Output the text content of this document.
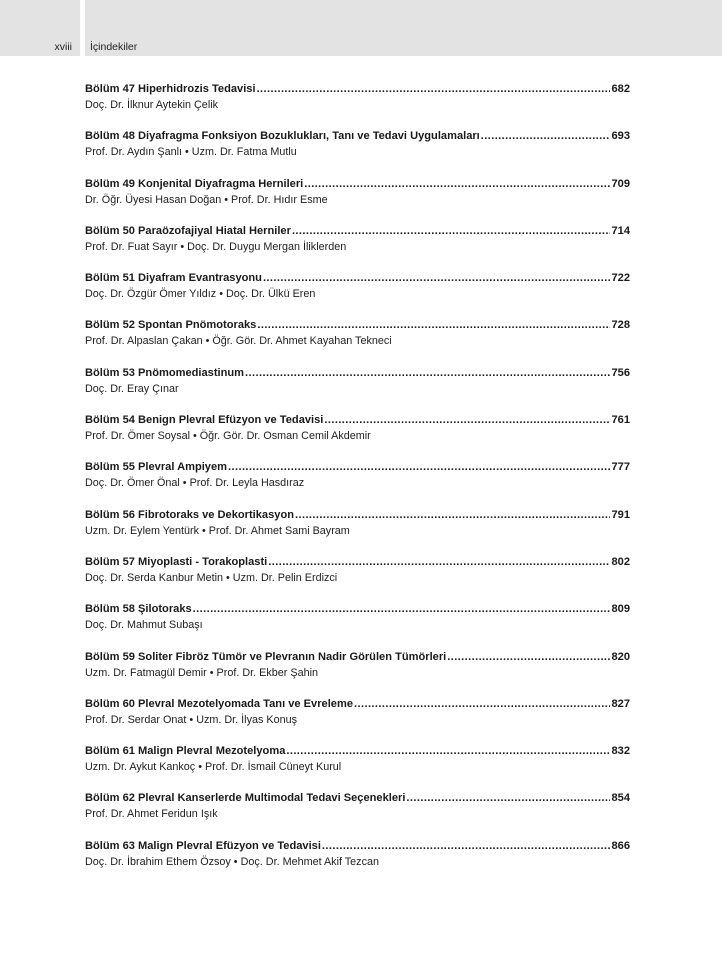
xviii İçindekiler
Bölüm 47 Hiperhidrozis Tedavisi .....	682
Doç. Dr. İlknur Aytekin Çelik
Bölüm 48 Diyafragma Fonksiyon Bozuklukları, Tanı ve Tedavi Uygulamaları .....	693
Prof. Dr. Aydın Şanlı • Uzm. Dr. Fatma Mutlu
Bölüm 49 Konjenital Diyafragma Hernileri .....	709
Dr. Öğr. Üyesi Hasan Doğan • Prof. Dr. Hıdır Esme
Bölüm 50 Paraözofajiyal Hiatal Herniler .....	714
Prof. Dr. Fuat Sayır • Doç. Dr. Duygu Mergan İliklerden
Bölüm 51 Diyafram Evantrasyonu .....	722
Doç. Dr. Özgür Ömer Yıldız • Doç. Dr. Ülkü Eren
Bölüm 52 Spontan Pnömotoraks .....	728
Prof. Dr. Alpaslan Çakan • Öğr. Gör. Dr. Ahmet Kayahan Tekneci
Bölüm 53 Pnömomediastinum .....	756
Doç. Dr. Eray Çınar
Bölüm 54 Benign Plevral Efüzyon ve Tedavisi .....	761
Prof. Dr. Ömer Soysal • Öğr. Gör. Dr. Osman Cemil Akdemir
Bölüm 55 Plevral Ampiyem .....	777
Doç. Dr. Ömer Önal • Prof. Dr. Leyla Hasdıraz
Bölüm 56 Fibrotoraks ve Dekortikasyon .....	791
Uzm. Dr. Eylem Yentürk • Prof. Dr. Ahmet Sami Bayram
Bölüm 57 Miyoplasti - Torakoplasti .....	802
Doç. Dr. Serda Kanbur Metin • Uzm. Dr. Pelin Erdizci
Bölüm 58 Şilotoraks .....	809
Doç. Dr. Mahmut Subaşı
Bölüm 59 Soliter Fibröz Tümör ve Plevranın Nadir Görülen Tümörleri .....	820
Uzm. Dr. Fatmagül Demir • Prof. Dr. Ekber Şahin
Bölüm 60 Plevral Mezotelyomada Tanı ve Evreleme .....	827
Prof. Dr. Serdar Onat • Uzm. Dr. İlyas Konuş
Bölüm 61 Malign Plevral Mezotelyoma .....	832
Uzm. Dr. Aykut Kankoç • Prof. Dr. İsmail Cüneyt Kurul
Bölüm 62 Plevral Kanserlerde Multimodal Tedavi Seçenekleri .....	854
Prof. Dr. Ahmet Feridun Işık
Bölüm 63 Malign Plevral Efüzyon ve Tedavisi .....	866
Doç. Dr. İbrahim Ethem Özsoy • Doç. Dr. Mehmet Akif Tezcan
